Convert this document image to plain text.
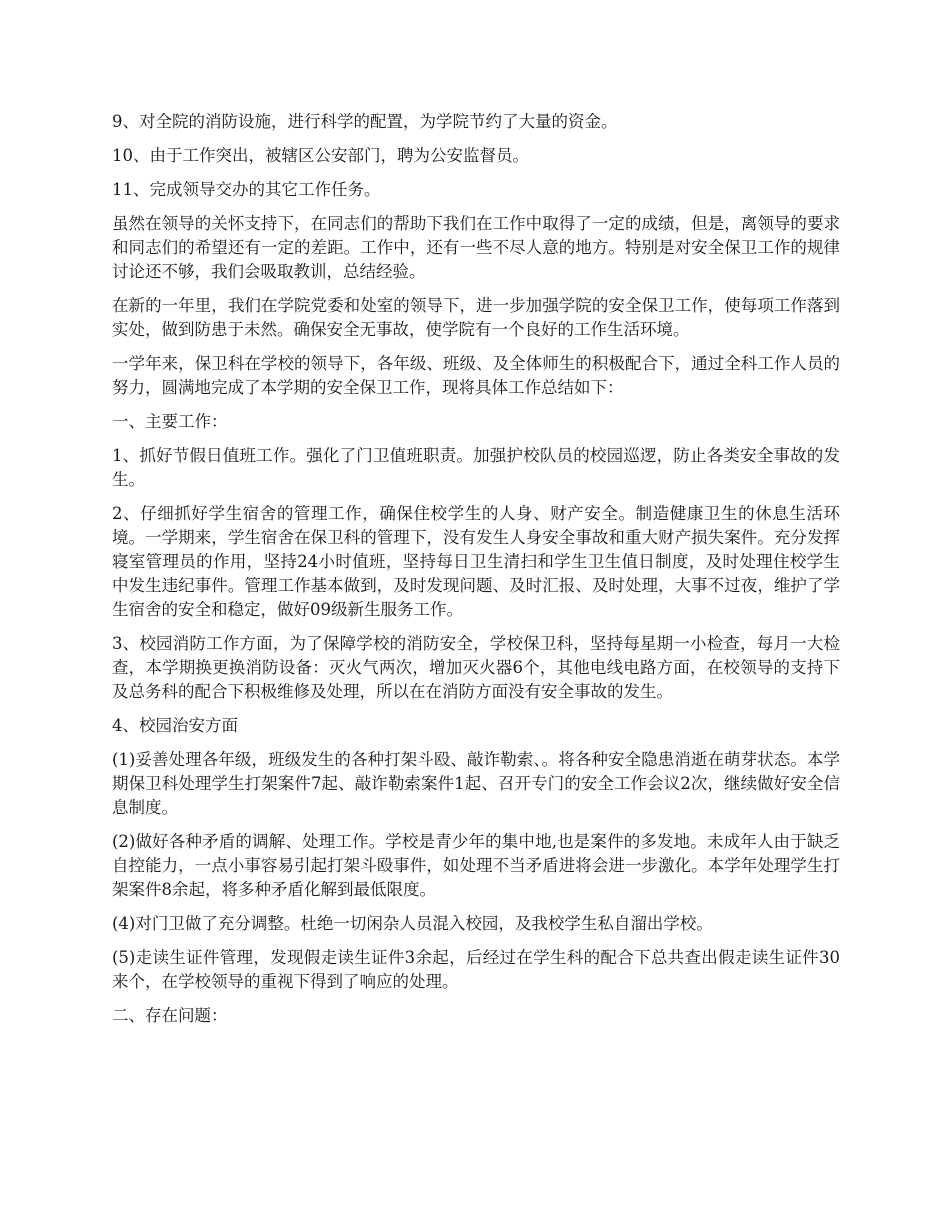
9、对全院的消防设施，进行科学的配置，为学院节约了大量的资金。

10、由于工作突出，被辖区公安部门，聘为公安监督员。

11、完成领导交办的其它工作任务。

虽然在领导的关怀支持下，在同志们的帮助下我们在工作中取得了一定的成绩，但是，离领导的要求和同志们的希望还有一定的差距。工作中，还有一些不尽人意的地方。特别是对安全保卫工作的规律讨论还不够，我们会吸取教训，总结经验。

在新的一年里，我们在学院党委和处室的领导下，进一步加强学院的安全保卫工作，使每项工作落到实处，做到防患于未然。确保安全无事故，使学院有一个良好的工作生活环境。

一学年来，保卫科在学校的领导下，各年级、班级、及全体师生的积极配合下，通过全科工作人员的努力，圆满地完成了本学期的安全保卫工作，现将具体工作总结如下：

一、主要工作：

1、抓好节假日值班工作。强化了门卫值班职责。加强护校队员的校园巡逻，防止各类安全事故的发生。

2、仔细抓好学生宿舍的管理工作，确保住校学生的人身、财产安全。制造健康卫生的休息生活环境。一学期来，学生宿舍在保卫科的管理下，没有发生人身安全事故和重大财产损失案件。充分发挥寝室管理员的作用，坚持24小时值班，坚持每日卫生清扫和学生卫生值日制度，及时处理住校学生中发生违纪事件。管理工作基本做到，及时发现问题、及时汇报、及时处理，大事不过夜，维护了学生宿舍的安全和稳定，做好09级新生服务工作。

3、校园消防工作方面，为了保障学校的消防安全，学校保卫科，坚持每星期一小检查，每月一大检查，本学期换更换消防设备：灭火气两次，增加灭火器6个，其他电线电路方面，在校领导的支持下及总务科的配合下积极维修及处理，所以在在消防方面没有安全事故的发生。

4、校园治安方面

(1)妥善处理各年级，班级发生的各种打架斗殴、敲诈勒索、。将各种安全隐患消逝在萌芽状态。本学期保卫科处理学生打架案件7起、敲诈勒索案件1起、召开专门的安全工作会议2次，继续做好安全信息制度。

(2)做好各种矛盾的调解、处理工作。学校是青少年的集中地,也是案件的多发地。未成年人由于缺乏自控能力，一点小事容易引起打架斗殴事件，如处理不当矛盾进将会进一步激化。本学年处理学生打架案件8余起，将多种矛盾化解到最低限度。

(4)对门卫做了充分调整。杜绝一切闲杂人员混入校园，及我校学生私自溜出学校。

(5)走读生证件管理，发现假走读生证件3余起，后经过在学生科的配合下总共查出假走读生证件30来个，在学校领导的重视下得到了响应的处理。

二、存在问题：
